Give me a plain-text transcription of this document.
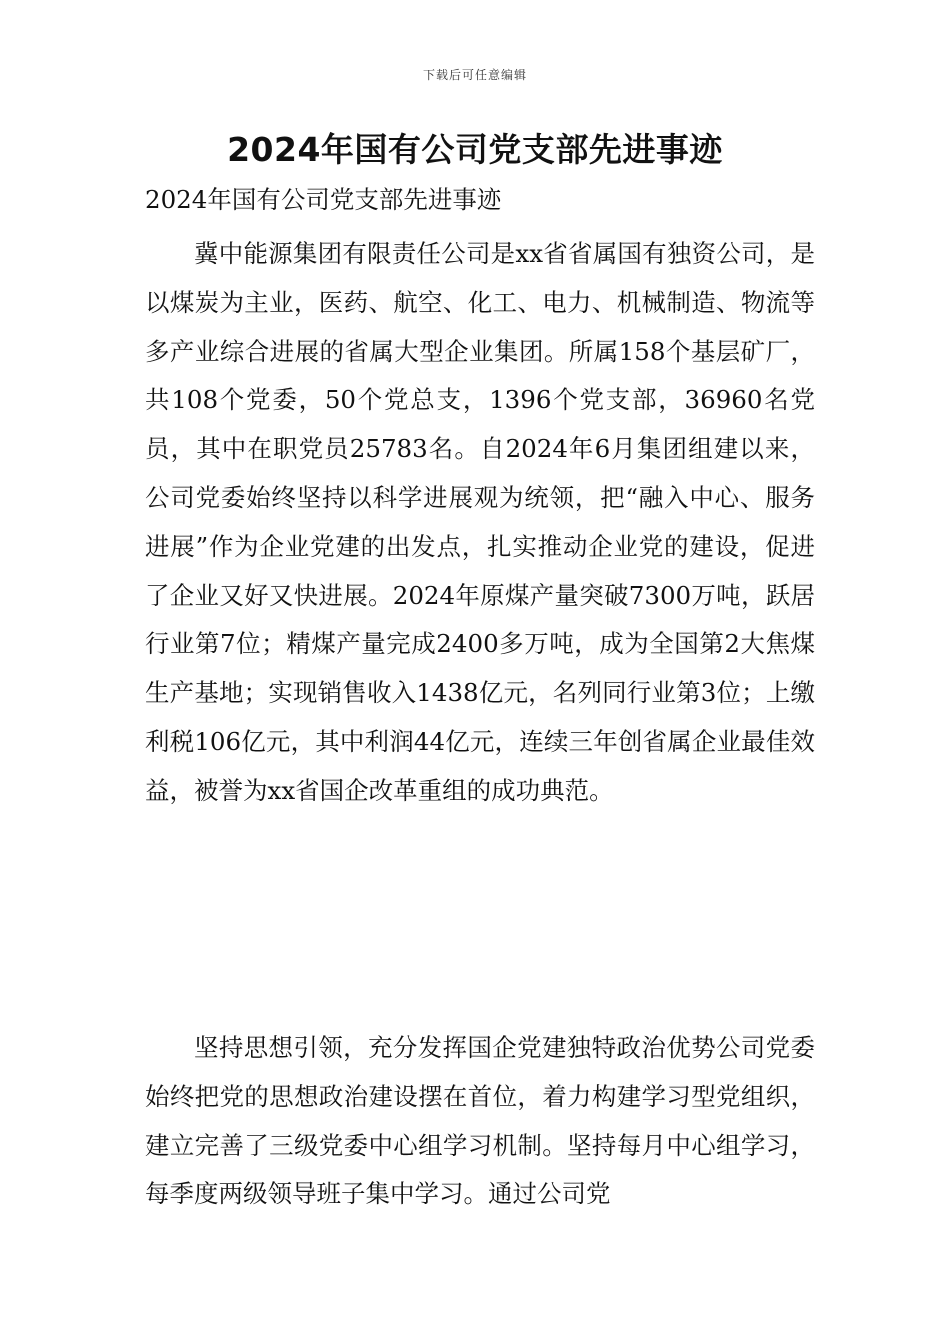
下载后可任意编辑
2024年国有公司党支部先进事迹

2024年国有公司党支部先进事迹

冀中能源集团有限责任公司是xx省省属国有独资公司，是以煤炭为主业，医药、航空、化工、电力、机械制造、物流等多产业综合进展的省属大型企业集团。所属158个基层矿厂，共108个党委，50个党总支，1396个党支部，36960名党员，其中在职党员25783名。自2024年6月集团组建以来，公司党委始终坚持以科学进展观为统领，把“融入中心、服务进展”作为企业党建的出发点，扎实推动企业党的建设，促进了企业又好又快进展。2024年原煤产量突破7300万吨，跃居行业第7位；精煤产量完成2400多万吨，成为全国第2大焦煤生产基地；实现销售收入1438亿元，名列同行业第3位；上缴利税106亿元，其中利润44亿元，连续三年创省属企业最佳效益，被誉为xx省国企改革重组的成功典范。

坚持思想引领，充分发挥国企党建独特政治优势公司党委始终把党的思想政治建设摆在首位，着力构建学习型党组织，建立完善了三级党委中心组学习机制。坚持每月中心组学习，每季度两级领导班子集中学习。通过公司党
